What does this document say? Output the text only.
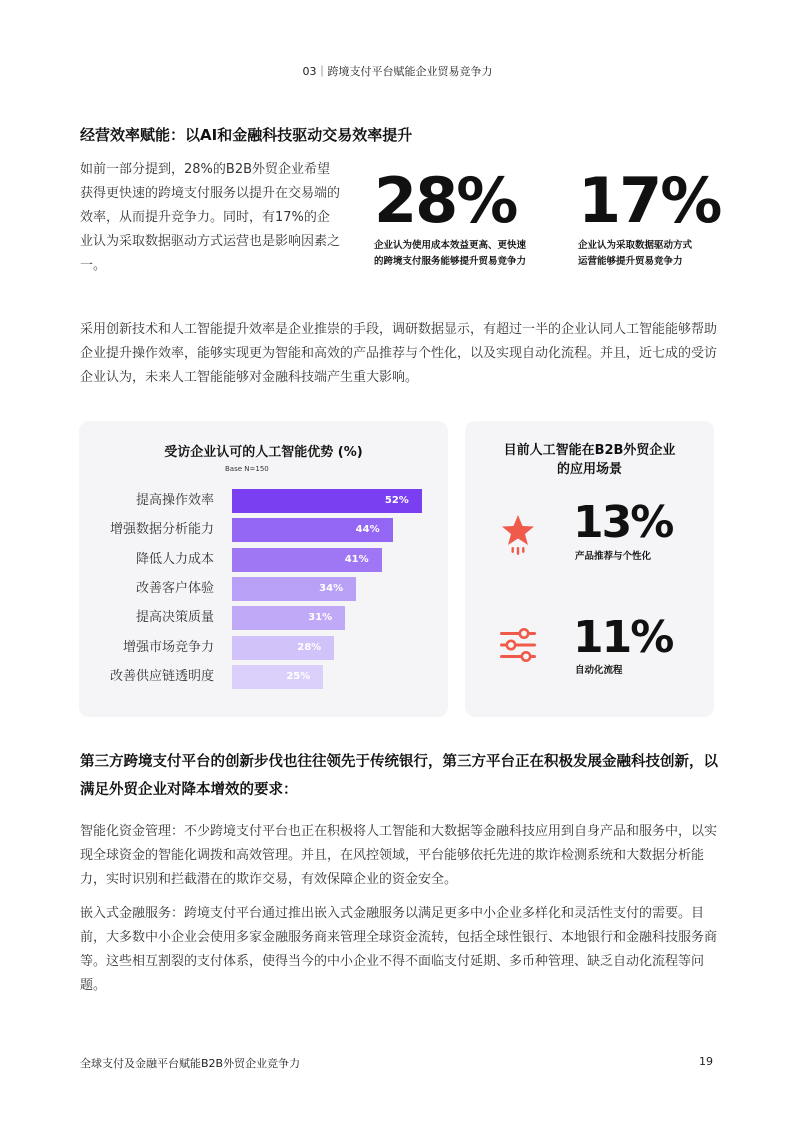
03｜跨境支付平台赋能企业贸易竞争力
经营效率赋能：以AI和金融科技驱动交易效率提升
如前一部分提到，28%的B2B外贸企业希望获得更快速的跨境支付服务以提升在交易端的效率，从而提升竞争力。同时，有17%的企业认为采取数据驱动方式运营也是影响因素之一。
28%
企业认为使用成本效益更高、更快速
的跨境支付服务能够提升贸易竞争力
17%
企业认为采取数据驱动方式
运营能够提升贸易竞争力
采用创新技术和人工智能提升效率是企业推崇的手段，调研数据显示，有超过一半的企业认同人工智能能够帮助企业提升操作效率，能够实现更为智能和高效的产品推荐与个性化，以及实现自动化流程。并且，近七成的受访企业认为，未来人工智能能够对金融科技端产生重大影响。
受访企业认可的人工智能优势 (%)
Base N=150
提高操作效率	52%
增强数据分析能力	44%
降低人力成本	41%
改善客户体验	34%
提高决策质量	31%
增强市场竞争力	28%
改善供应链透明度	25%
目前人工智能在B2B外贸企业
的应用场景
13%
产品推荐与个性化
11%
自动化流程
第三方跨境支付平台的创新步伐也往往领先于传统银行，第三方平台正在积极发展金融科技创新，以满足外贸企业对降本增效的要求：
智能化资金管理：不少跨境支付平台也正在积极将人工智能和大数据等金融科技应用到自身产品和服务中，以实现全球资金的智能化调拨和高效管理。并且，在风控领域，平台能够依托先进的欺诈检测系统和大数据分析能力，实时识别和拦截潜在的欺诈交易，有效保障企业的资金安全。
嵌入式金融服务：跨境支付平台通过推出嵌入式金融服务以满足更多中小企业多样化和灵活性支付的需要。目前，大多数中小企业会使用多家金融服务商来管理全球资金流转，包括全球性银行、本地银行和金融科技服务商等。这些相互割裂的支付体系，使得当今的中小企业不得不面临支付延期、多币种管理、缺乏自动化流程等问题。
全球支付及金融平台赋能B2B外贸企业竞争力	19
